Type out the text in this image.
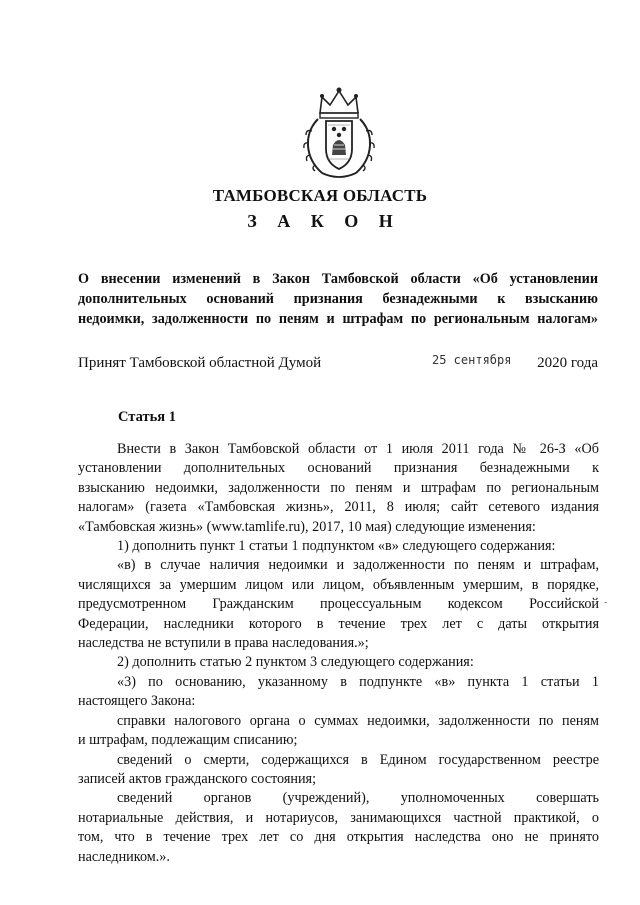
ТАМБОВСКАЯ ОБЛАСТЬ
З А К О Н
О внесении изменений в Закон Тамбовской области «Об установлении
дополнительных оснований признания безнадежными к взысканию
недоимки, задолженности по пеням и штрафам по региональным налогам»
Принят Тамбовской областной Думой	25 сентября 2020 года
Статья 1
Внести в Закон Тамбовской области от 1 июля 2011 года № 26-З «Об
установлении дополнительных оснований признания безнадежными к
взысканию недоимки, задолженности по пеням и штрафам по региональным
налогам» (газета «Тамбовская жизнь», 2011, 8 июля; сайт сетевого издания
«Тамбовская жизнь» (www.tamlife.ru), 2017, 10 мая) следующие изменения:
1) дополнить пункт 1 статьи 1 подпунктом «в» следующего содержания:
«в) в случае наличия недоимки и задолженности по пеням и штрафам,
числящихся за умершим лицом или лицом, объявленным умершим, в порядке,
предусмотренном Гражданским процессуальным кодексом Российской
Федерации, наследники которого в течение трех лет с даты открытия
наследства не вступили в права наследования.»;
2) дополнить статью 2 пунктом 3 следующего содержания:
«3) по основанию, указанному в подпункте «в» пункта 1 статьи 1
настоящего Закона:
справки налогового органа о суммах недоимки, задолженности по пеням
и штрафам, подлежащим списанию;
сведений о смерти, содержащихся в Едином государственном реестре
записей актов гражданского состояния;
сведений органов (учреждений), уполномоченных совершать
нотариальные действия, и нотариусов, занимающихся частной практикой, о
том, что в течение трех лет со дня открытия наследства оно не принято
наследником.».
-
